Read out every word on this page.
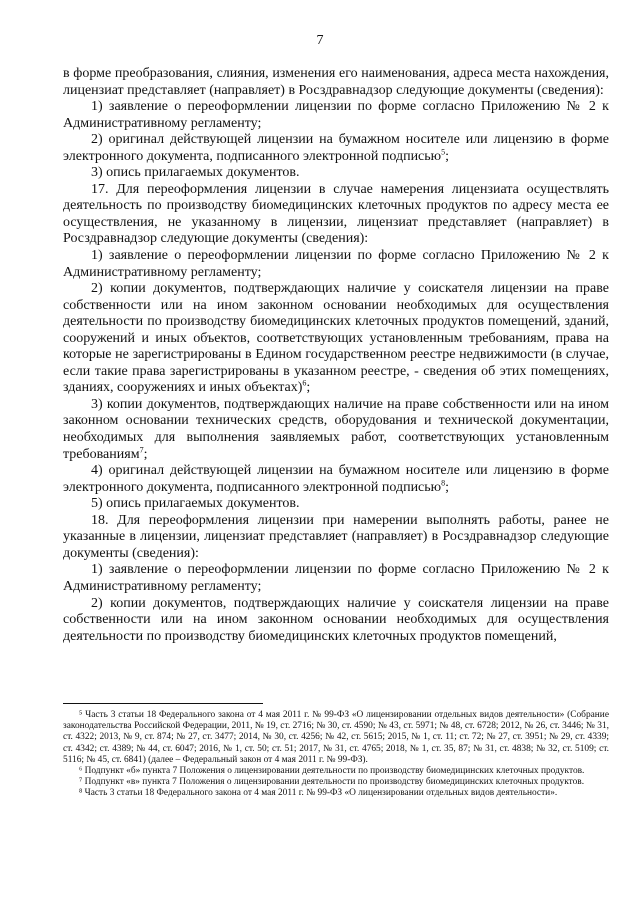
7

в форме преобразования, слияния, изменения его наименования, адреса места нахождения, лицензиат представляет (направляет) в Росздравнадзор следующие документы (сведения):

1) заявление о переоформлении лицензии по форме согласно Приложению № 2 к Административному регламенту;

2) оригинал действующей лицензии на бумажном носителе или лицензию в форме электронного документа, подписанного электронной подписью$^5$;

3) опись прилагаемых документов.

17. Для переоформления лицензии в случае намерения лицензиата осуществлять деятельность по производству биомедицинских клеточных продуктов по адресу места ее осуществления, не указанному в лицензии, лицензиат представляет (направляет) в Росздравнадзор следующие документы (сведения):

1) заявление о переоформлении лицензии по форме согласно Приложению № 2 к Административному регламенту;

2) копии документов, подтверждающих наличие у соискателя лицензии на праве собственности или на ином законном основании необходимых для осуществления деятельности по производству биомедицинских клеточных продуктов помещений, зданий, сооружений и иных объектов, соответствующих установленным требованиям, права на которые не зарегистрированы в Едином государственном реестре недвижимости (в случае, если такие права зарегистрированы в указанном реестре, - сведения об этих помещениях, зданиях, сооружениях и иных объектах)$^6$;

3) копии документов, подтверждающих наличие на праве собственности или на ином законном основании технических средств, оборудования и технической документации, необходимых для выполнения заявляемых работ, соответствующих установленным требованиям$^7$;

4) оригинал действующей лицензии на бумажном носителе или лицензию в форме электронного документа, подписанного электронной подписью$^8$;

5) опись прилагаемых документов.

18. Для переоформления лицензии при намерении выполнять работы, ранее не указанные в лицензии, лицензиат представляет (направляет) в Росздравнадзор следующие документы (сведения):

1) заявление о переоформлении лицензии по форме согласно Приложению № 2 к Административному регламенту;

2) копии документов, подтверждающих наличие у соискателя лицензии на праве собственности или на ином законном основании необходимых для осуществления деятельности по производству биомедицинских клеточных продуктов помещений,

⁵ Часть 3 статьи 18 Федерального закона от 4 мая 2011 г. № 99-ФЗ «О лицензировании отдельных видов деятельности» (Собрание законодательства Российской Федерации, 2011, № 19, ст. 2716; № 30, ст. 4590; № 43, ст. 5971; № 48, ст. 6728; 2012, № 26, ст. 3446; № 31, ст. 4322; 2013, № 9, ст. 874; № 27, ст. 3477; 2014, № 30, ст. 4256; № 42, ст. 5615; 2015, № 1, ст. 11; ст. 72; № 27, ст. 3951; № 29, ст. 4339; ст. 4342; ст. 4389; № 44, ст. 6047; 2016, № 1, ст. 50; ст. 51; 2017, № 31, ст. 4765; 2018, № 1, ст. 35, 87; № 31, ст. 4838; № 32, ст. 5109; ст. 5116; № 45, ст. 6841) (далее – Федеральный закон от 4 мая 2011 г. № 99-ФЗ).

⁶ Подпункт «б» пункта 7 Положения о лицензировании деятельности по производству биомедицинских клеточных продуктов.

⁷ Подпункт «в» пункта 7 Положения о лицензировании деятельности по производству биомедицинских клеточных продуктов.

⁸ Часть 3 статьи 18 Федерального закона от 4 мая 2011 г. № 99-ФЗ «О лицензировании отдельных видов деятельности».
